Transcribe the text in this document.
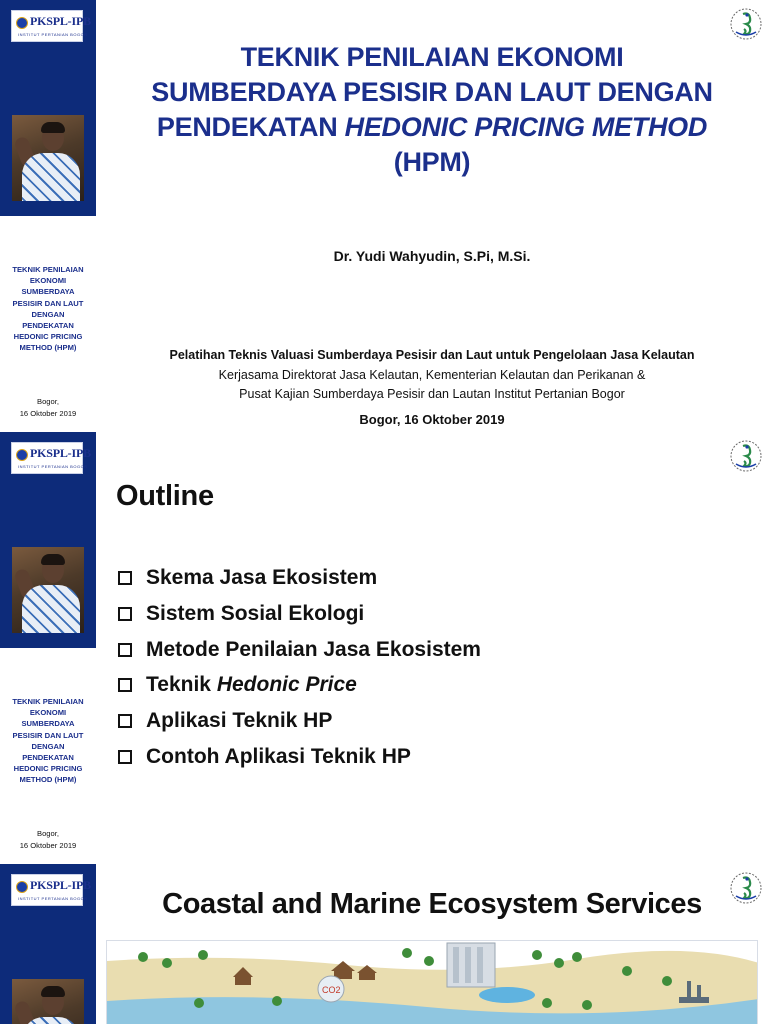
PKSPL-IPB
INSTITUT PERTANIAN BOGOR
TEKNIK PENILAIAN
EKONOMI
SUMBERDAYA
PESISIR DAN LAUT
DENGAN
PENDEKATAN
HEDONIC PRICING
METHOD (HPM)
Bogor,
16 Oktober 2019
TEKNIK PENILAIAN EKONOMI
SUMBERDAYA PESISIR DAN LAUT DENGAN
PENDEKATAN HEDONIC PRICING METHOD
(HPM)
Dr. Yudi Wahyudin, S.Pi, M.Si.
Pelatihan Teknis Valuasi Sumberdaya Pesisir dan Laut untuk Pengelolaan Jasa Kelautan
Kerjasama Direktorat Jasa Kelautan, Kementerian Kelautan dan Perikanan &
Pusat Kajian Sumberdaya Pesisir dan Lautan Institut Pertanian Bogor
Bogor, 16 Oktober 2019
PKSPL-IPB
INSTITUT PERTANIAN BOGOR
TEKNIK PENILAIAN
EKONOMI
SUMBERDAYA
PESISIR DAN LAUT
DENGAN
PENDEKATAN
HEDONIC PRICING
METHOD (HPM)
Bogor,
16 Oktober 2019
Outline
Skema Jasa Ekosistem
Sistem Sosial Ekologi
Metode Penilaian Jasa Ekosistem
Teknik Hedonic Price
Aplikasi Teknik HP
Contoh Aplikasi Teknik HP
PKSPL-IPB
INSTITUT PERTANIAN BOGOR	Coastal and Marine Ecosystem Services
CO2
